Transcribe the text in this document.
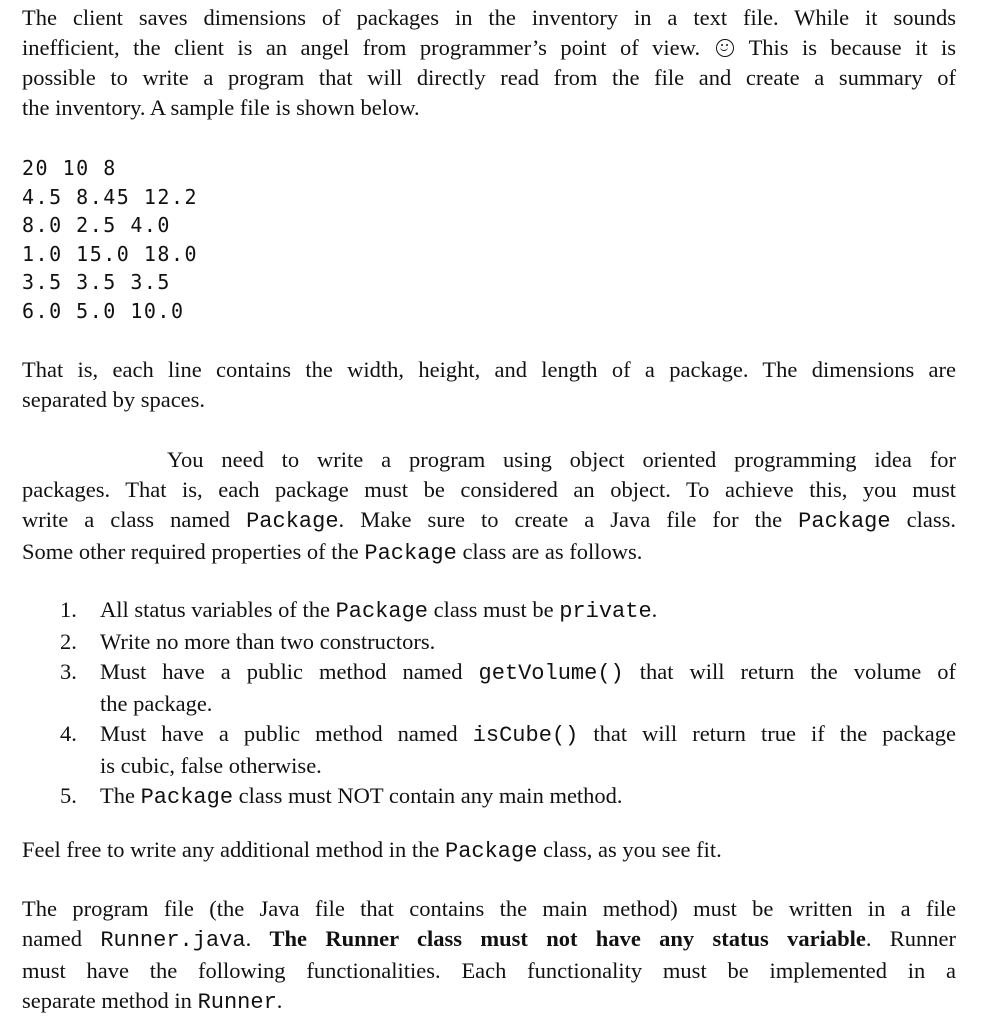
The client saves dimensions of packages in the inventory in a text file. While it sounds
inefficient, the client is an angel from programmer’s point of view. This is because it is
possible to write a program that will directly read from the file and create a summary of
the inventory. A sample file is shown below.
20 10 8
4.5 8.45 12.2
8.0 2.5 4.0
1.0 15.0 18.0
3.5 3.5 3.5
6.0 5.0 10.0
That is, each line contains the width, height, and length of a package. The dimensions are
separated by spaces.
You need to write a program using object oriented programming idea for
packages. That is, each package must be considered an object. To achieve this, you must
write a class named Package. Make sure to create a Java file for the Package class.
Some other required properties of the Package class are as follows.
1. All status variables of the Package class must be private.
2. Write no more than two constructors.
3. Must have a public method named getVolume() that will return the volume of
the package.
4. Must have a public method named isCube() that will return true if the package
is cubic, false otherwise.
5. The Package class must NOT contain any main method.
Feel free to write any additional method in the Package class, as you see fit.
The program file (the Java file that contains the main method) must be written in a file
named Runner.java. The Runner class must not have any status variable. Runner
must have the following functionalities. Each functionality must be implemented in a
separate method in Runner.
